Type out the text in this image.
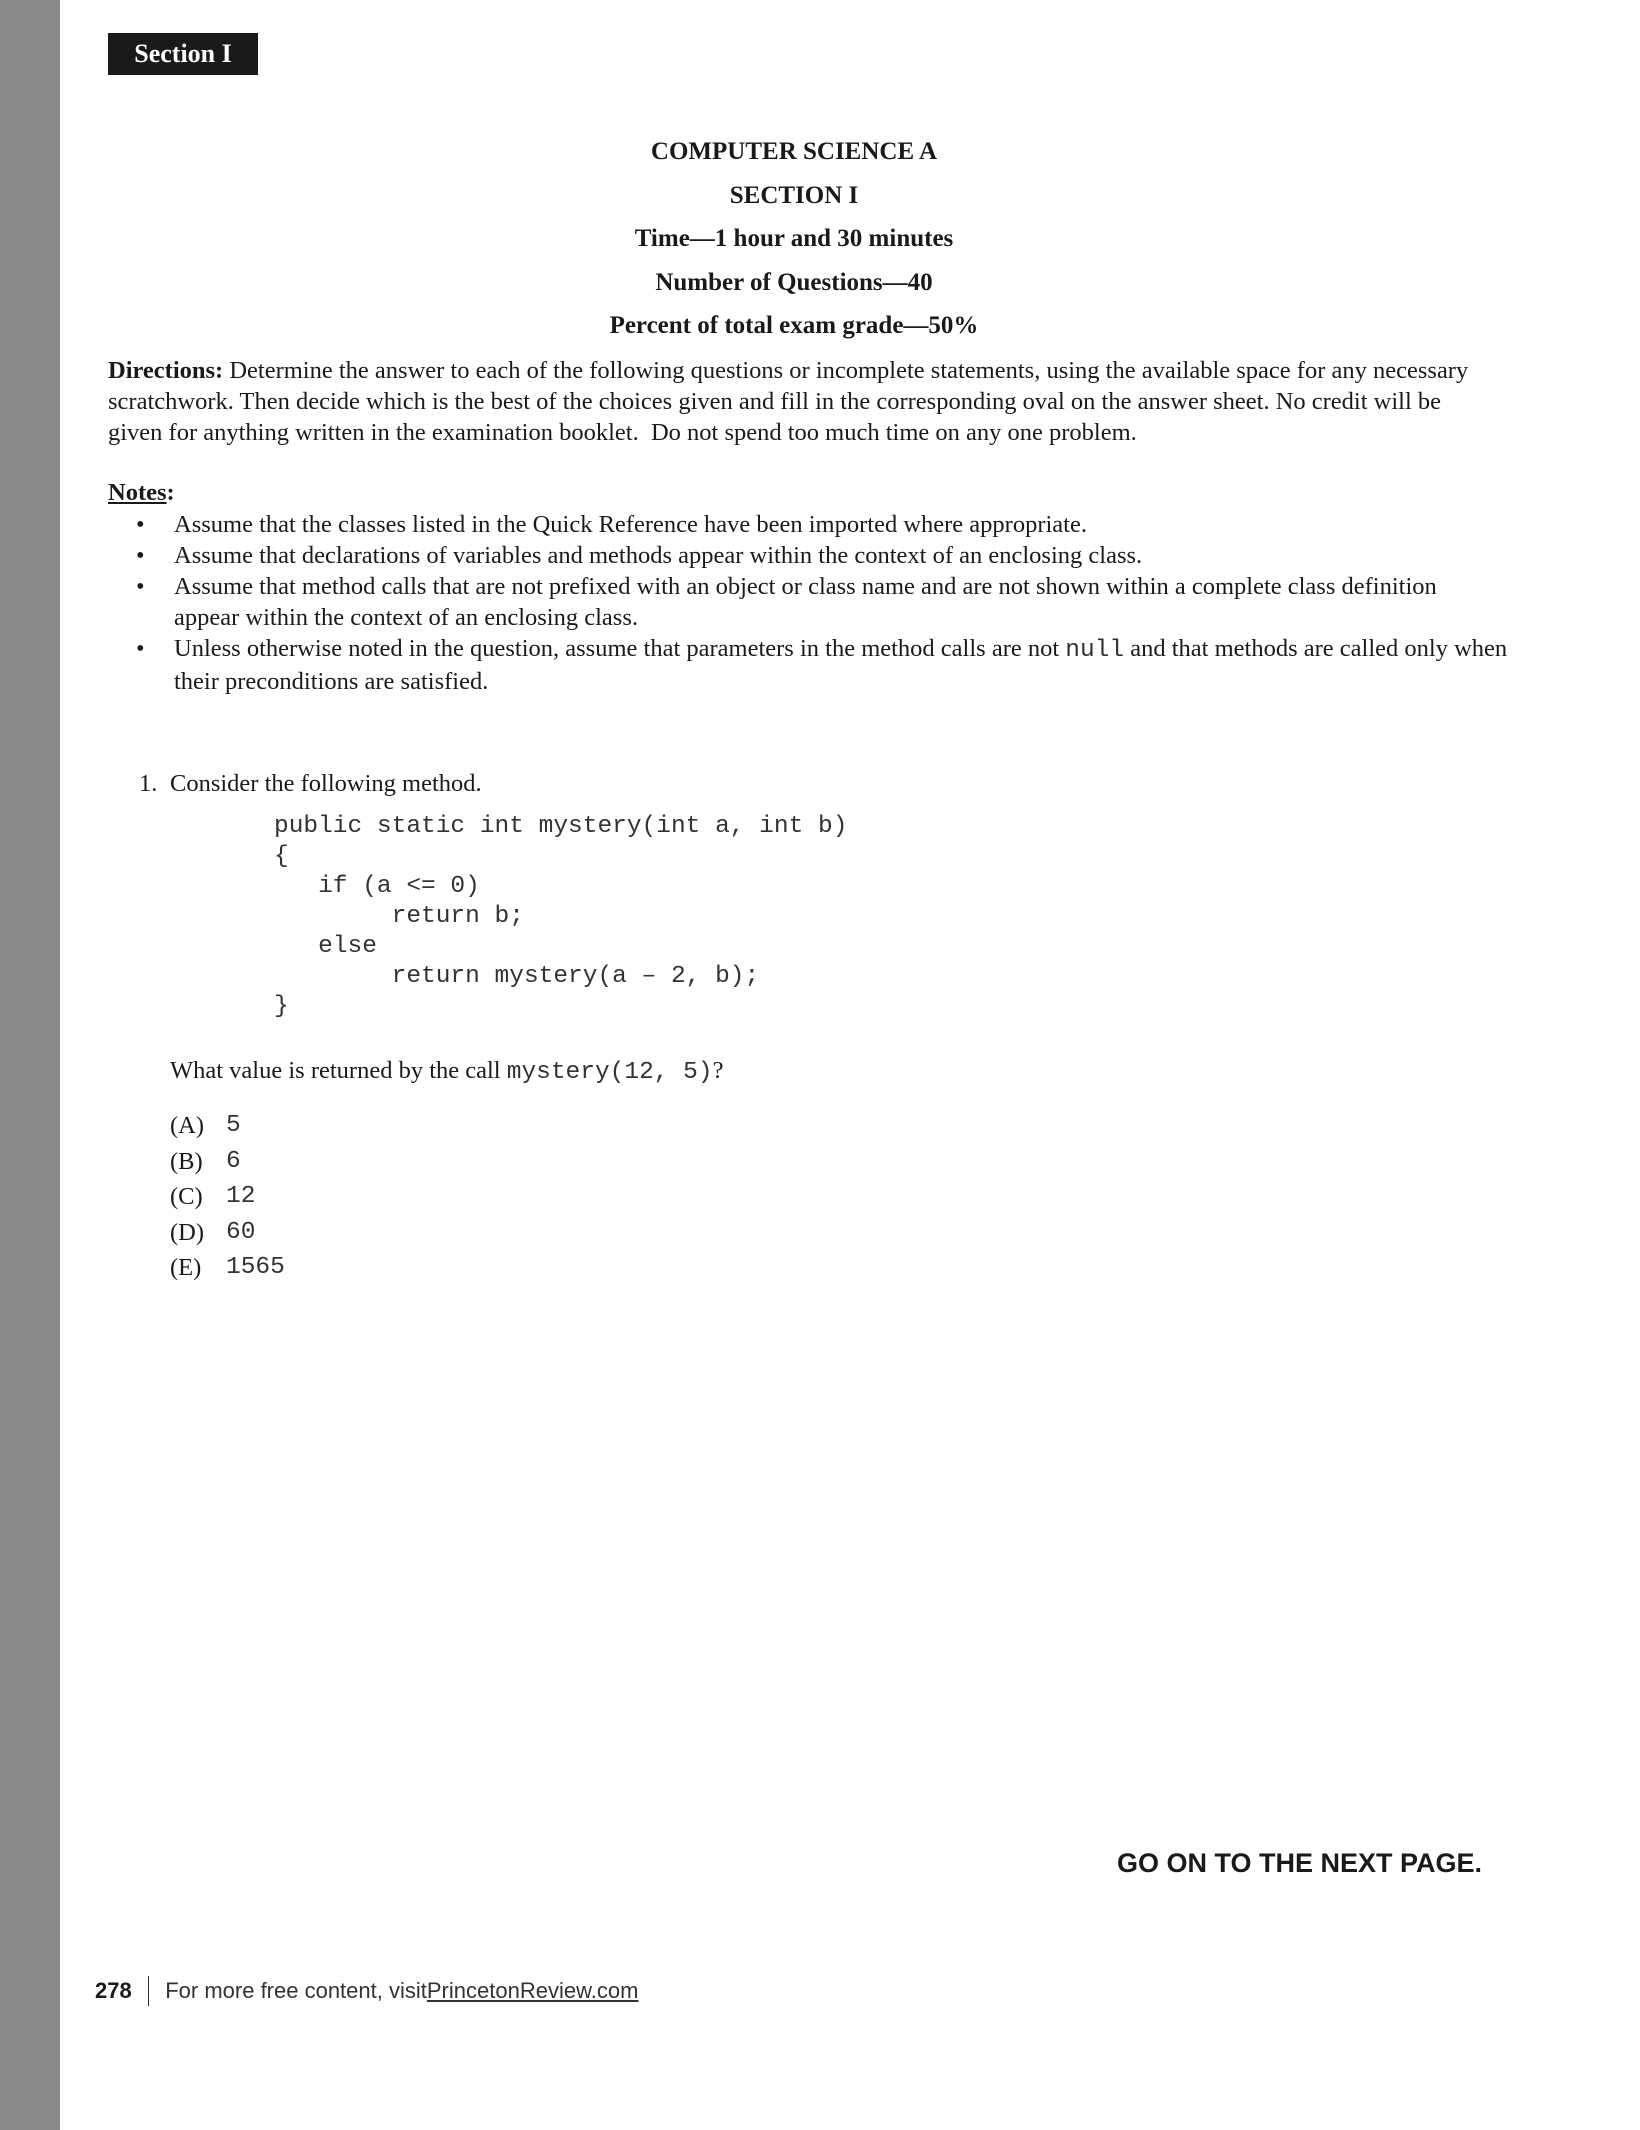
Section I
COMPUTER SCIENCE A
SECTION I
Time—1 hour and 30 minutes
Number of Questions—40
Percent of total exam grade—50%
Directions: Determine the answer to each of the following questions or incomplete statements, using the available space for any necessary scratchwork. Then decide which is the best of the choices given and fill in the corresponding oval on the answer sheet. No credit will be given for anything written in the examination booklet.  Do not spend too much time on any one problem.
Notes:
• Assume that the classes listed in the Quick Reference have been imported where appropriate.
• Assume that declarations of variables and methods appear within the context of an enclosing class.
• Assume that method calls that are not prefixed with an object or class name and are not shown within a complete class definition appear within the context of an enclosing class.
• Unless otherwise noted in the question, assume that parameters in the method calls are not null and that methods are called only when their preconditions are satisfied.
1. Consider the following method.
public static int mystery(int a, int b)
{
if (a <= 0)
return b;
else
return mystery(a – 2, b);
}
What value is returned by the call mystery(12, 5)?
(A) 5
(B) 6
(C) 12
(D) 60
(E)	1565
GO ON TO THE NEXT PAGE.
278 For more free content, visit PrincetonReview.com
